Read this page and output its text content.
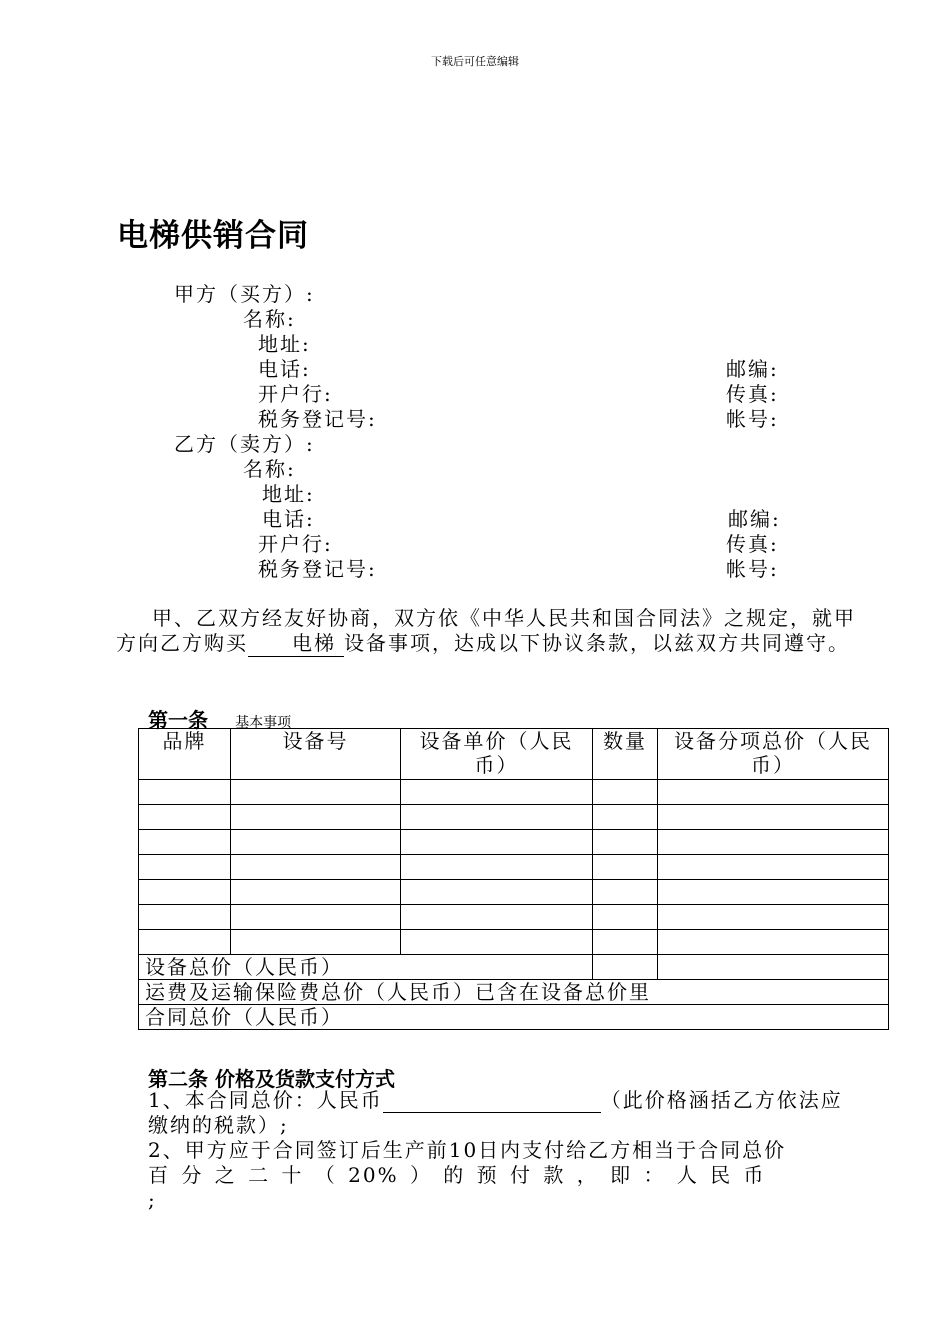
下载后可任意编辑
电梯供销合同
甲方（买方）:
名称:
地址:
电话:	邮编:
开户行:	传真:
税务登记号:	帐号:
乙方（卖方）:
名称:
地址:
电话:	邮编:
开户行:	传真:
税务登记号:	帐号:
甲、乙双方经友好协商，双方依《中华人民共和国合同法》之规定，就甲方向乙方购买 电梯 设备事项，达成以下协议条款，以兹双方共同遵守。
第一条 基本事项
品牌	设备号	设备单价（人民币）	数量	设备分项总价（人民币）

设备总价（人民币）				
运费及运输保险费总价（人民币）已含在设备总价里				
合同总价（人民币）				
第二条 价格及货款支付方式
1、本合同总价：人民币	（此价格涵括乙方依法应缴纳的税款）;
2、甲方应于合同签订后生产前10日内支付给乙方相当于合同总价
百 分 之 二 十 （ 20% ） 的 预 付 款 ， 即 ： 人 民 币
;
